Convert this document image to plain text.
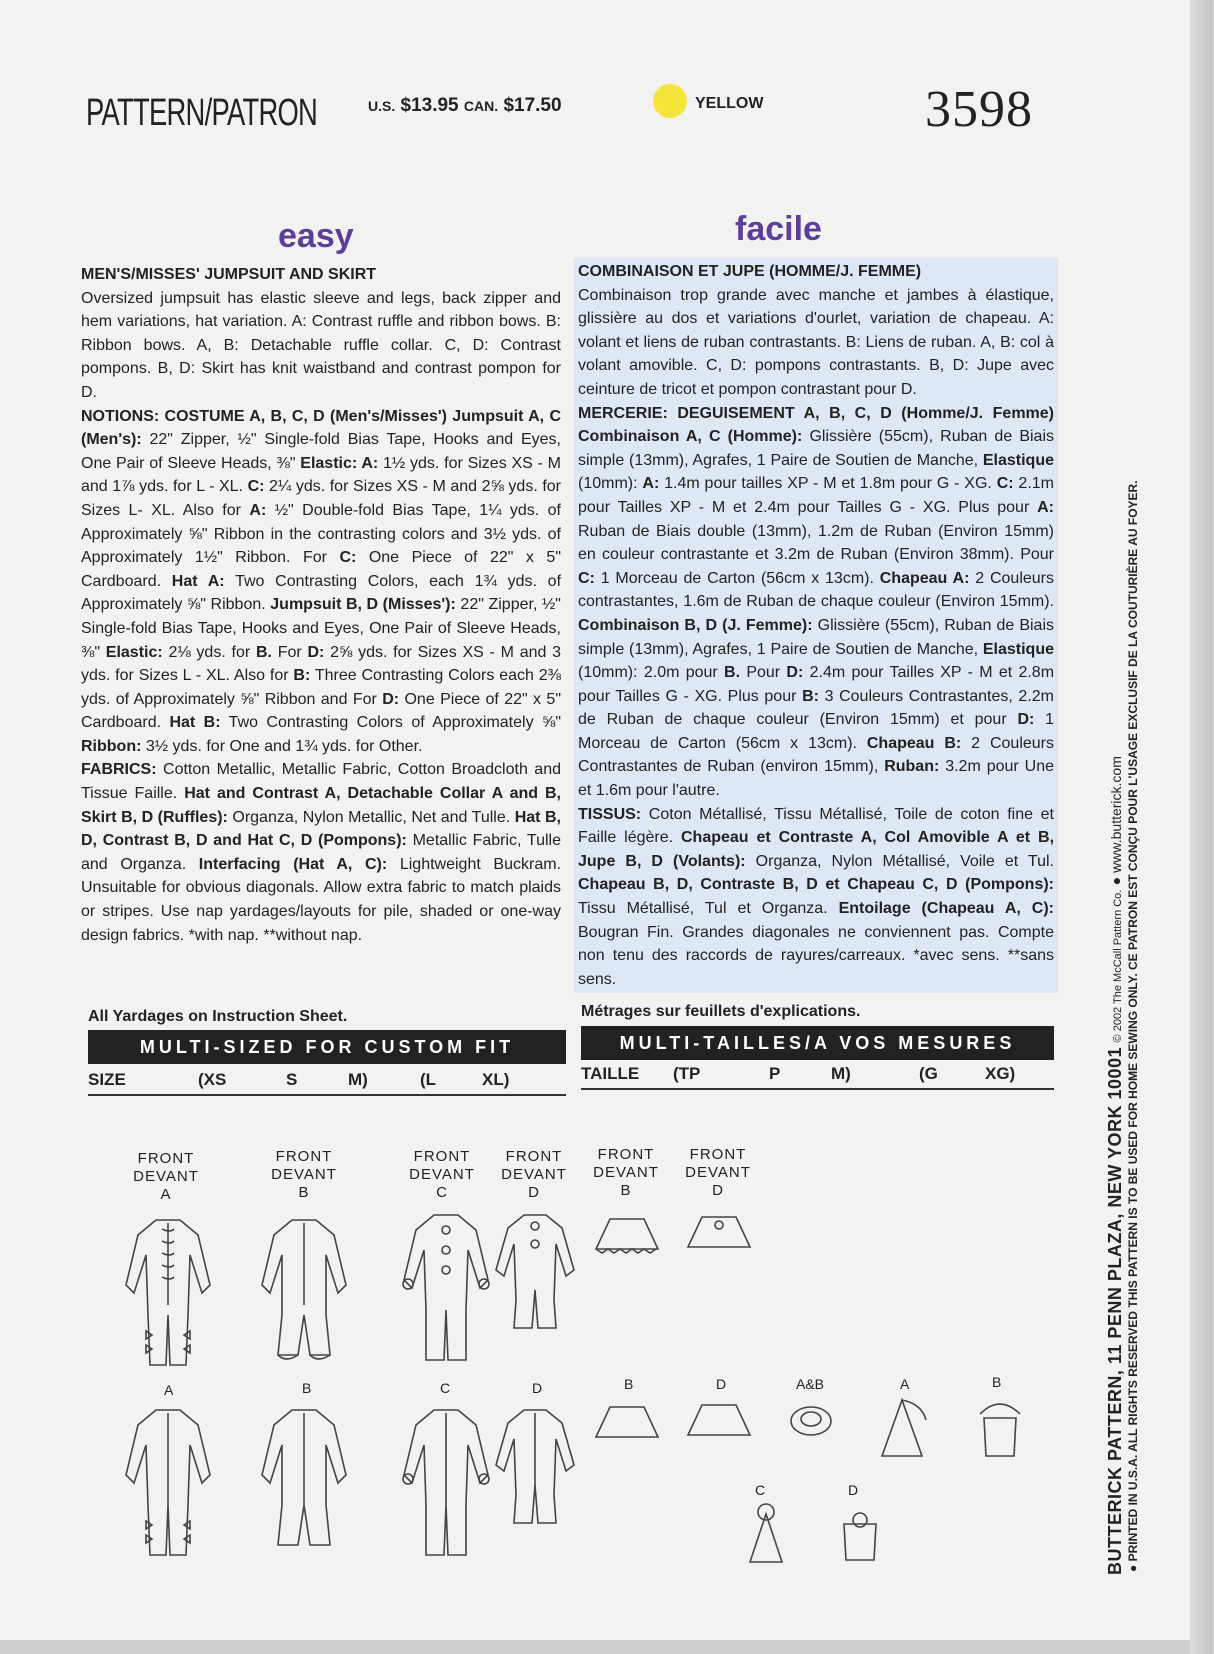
PATTERN/PATRON	U.S. $13.95 CAN. $17.50	YELLOW	3598
easy	facile
MEN'S/MISSES' JUMPSUIT AND SKIRT

Oversized jumpsuit has elastic sleeve and legs, back zipper and hem variations, hat variation. A: Contrast ruffle and ribbon bows. B: Ribbon bows. A, B: Detachable ruffle collar. C, D: Contrast pompons. B, D: Skirt has knit waistband and contrast pompon for D.

NOTIONS: COSTUME A, B, C, D (Men's/Misses') Jumpsuit A, C (Men's): 22" Zipper, ½" Single-fold Bias Tape, Hooks and Eyes, One Pair of Sleeve Heads, ⅜" Elastic: A: 1½ yds. for Sizes XS - M and 1⅞ yds. for L - XL. C: 2¼ yds. for Sizes XS - M and 2⅝ yds. for Sizes L- XL. Also for A: ½" Double-fold Bias Tape, 1¼ yds. of Approximately ⅝" Ribbon in the contrasting colors and 3½ yds. of Approximately 1½" Ribbon. For C: One Piece of 22" x 5" Cardboard. Hat A: Two Contrasting Colors, each 1¾ yds. of Approximately ⅝" Ribbon. Jumpsuit B, D (Misses'): 22" Zipper, ½" Single-fold Bias Tape, Hooks and Eyes, One Pair of Sleeve Heads, ⅜" Elastic: 2⅛ yds. for B. For D: 2⅝ yds. for Sizes XS - M and 3 yds. for Sizes L - XL. Also for B: Three Contrasting Colors each 2⅜ yds. of Approximately ⅝" Ribbon and For D: One Piece of 22" x 5" Cardboard. Hat B: Two Contrasting Colors of Approximately ⅝" Ribbon: 3½ yds. for One and 1¾ yds. for Other.

FABRICS: Cotton Metallic, Metallic Fabric, Cotton Broadcloth and Tissue Faille. Hat and Contrast A, Detachable Collar A and B, Skirt B, D (Ruffles): Organza, Nylon Metallic, Net and Tulle. Hat B, D, Contrast B, D and Hat C, D (Pompons): Metallic Fabric, Tulle and Organza. Interfacing (Hat A, C): Lightweight Buckram. Unsuitable for obvious diagonals. Allow extra fabric to match plaids or stripes. Use nap yardages/layouts for pile, shaded or one-way design fabrics. *with nap. **without nap.

All Yardages on Instruction Sheet.
MULTI-SIZED FOR CUSTOM FIT
SIZE	(XS	S	M)	(L	XL)
COMBINAISON ET JUPE (HOMME/J. FEMME)

Combinaison trop grande avec manche et jambes à élastique, glissière au dos et variations d'ourlet, variation de chapeau. A: volant et liens de ruban contrastants. B: Liens de ruban. A, B: col à volant amovible. C, D: pompons contrastants. B, D: Jupe avec ceinture de tricot et pompon contrastant pour D.

MERCERIE: DEGUISEMENT A, B, C, D (Homme/J. Femme) Combinaison A, C (Homme): Glissière (55cm), Ruban de Biais simple (13mm), Agrafes, 1 Paire de Soutien de Manche, Elastique (10mm): A: 1.4m pour tailles XP - M et 1.8m pour G - XG. C: 2.1m pour Tailles XP - M et 2.4m pour Tailles G - XG. Plus pour A: Ruban de Biais double (13mm), 1.2m de Ruban (Environ 15mm) en couleur contrastante et 3.2m de Ruban (Environ 38mm). Pour C: 1 Morceau de Carton (56cm x 13cm). Chapeau A: 2 Couleurs contrastantes, 1.6m de Ruban de chaque couleur (Environ 15mm). Combinaison B, D (J. Femme): Glissière (55cm), Ruban de Biais simple (13mm), Agrafes, 1 Paire de Soutien de Manche, Elastique (10mm): 2.0m pour B. Pour D: 2.4m pour Tailles XP - M et 2.8m pour Tailles G - XG. Plus pour B: 3 Couleurs Contrastantes, 2.2m de Ruban de chaque couleur (Environ 15mm) et pour D: 1 Morceau de Carton (56cm x 13cm). Chapeau B: 2 Couleurs Contrastantes de Ruban (environ 15mm), Ruban: 3.2m pour Une et 1.6m pour l'autre.

TISSUS: Coton Métallisé, Tissu Métallisé, Toile de coton fine et Faille légère. Chapeau et Contraste A, Col Amovible A et B, Jupe B, D (Volants): Organza, Nylon Métallisé, Voile et Tul. Chapeau B, D, Contraste B, D et Chapeau C, D (Pompons): Tissu Métallisé, Tul et Organza. Entoilage (Chapeau A, C): Bougran Fin. Grandes diagonales ne conviennent pas. Compte non tenu des raccords de rayures/carreaux. *avec sens. **sans sens.

Métrages sur feuillets d'explications.
MULTI-TAILLES/A VOS MESURES
TAILLE	(TP	P	M)	(G	XG)
FRONT
DEVANT
A
FRONT
DEVANT
B
FRONT
DEVANT
C
FRONT
DEVANT
D
FRONT
DEVANT
B
FRONT
DEVANT
D
A	B	C	D	B	D	A&B	A	B
C	D	BUTTERICK PATTERN, 11 PENN PLAZA, NEW YORK 10001 © 2002 The McCall Pattern Co. ● www.butterick.com
● PRINTED IN U.S.A. ALL RIGHTS RESERVED THIS PATTERN IS TO BE USED FOR HOME SEWING ONLY. CE PATRON EST CONÇU POUR L'USAGE EXCLUSIF DE LA COUTURIÈRE AU FOYER.
